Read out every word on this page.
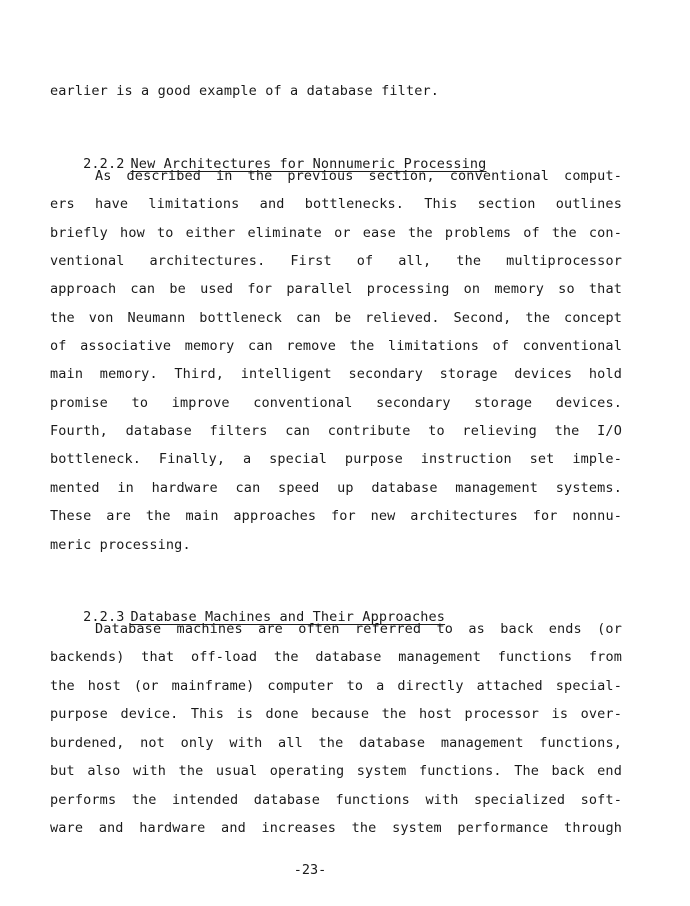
earlier is a good example of a database filter.

2.2.2 New Architectures for Nonnumeric Processing

As described in the previous section, conventional comput-
ers have limitations and bottlenecks. This section outlines
briefly how to either eliminate or ease the problems of the con-
ventional architectures. First of all, the multiprocessor
approach can be used for parallel processing on memory so that
the von Neumann bottleneck can be relieved. Second, the concept
of associative memory can remove the limitations of conventional
main memory. Third, intelligent secondary storage devices hold
promise to improve conventional secondary storage devices.
Fourth, database filters can contribute to relieving the I/O
bottleneck. Finally, a special purpose instruction set imple-
mented in hardware can speed up database management systems.
These are the main approaches for new architectures for nonnu-
meric processing.

2.2.3 Database Machines and Their Approaches

Database machines are often referred to as back ends (or
backends) that off-load the database management functions from
the host (or mainframe) computer to a directly attached special-
purpose device. This is done because the host processor is over-
burdened, not only with all the database management functions,
but also with the usual operating system functions. The back end
performs the intended database functions with specialized soft-
ware and hardware and increases the system performance through
-23-
